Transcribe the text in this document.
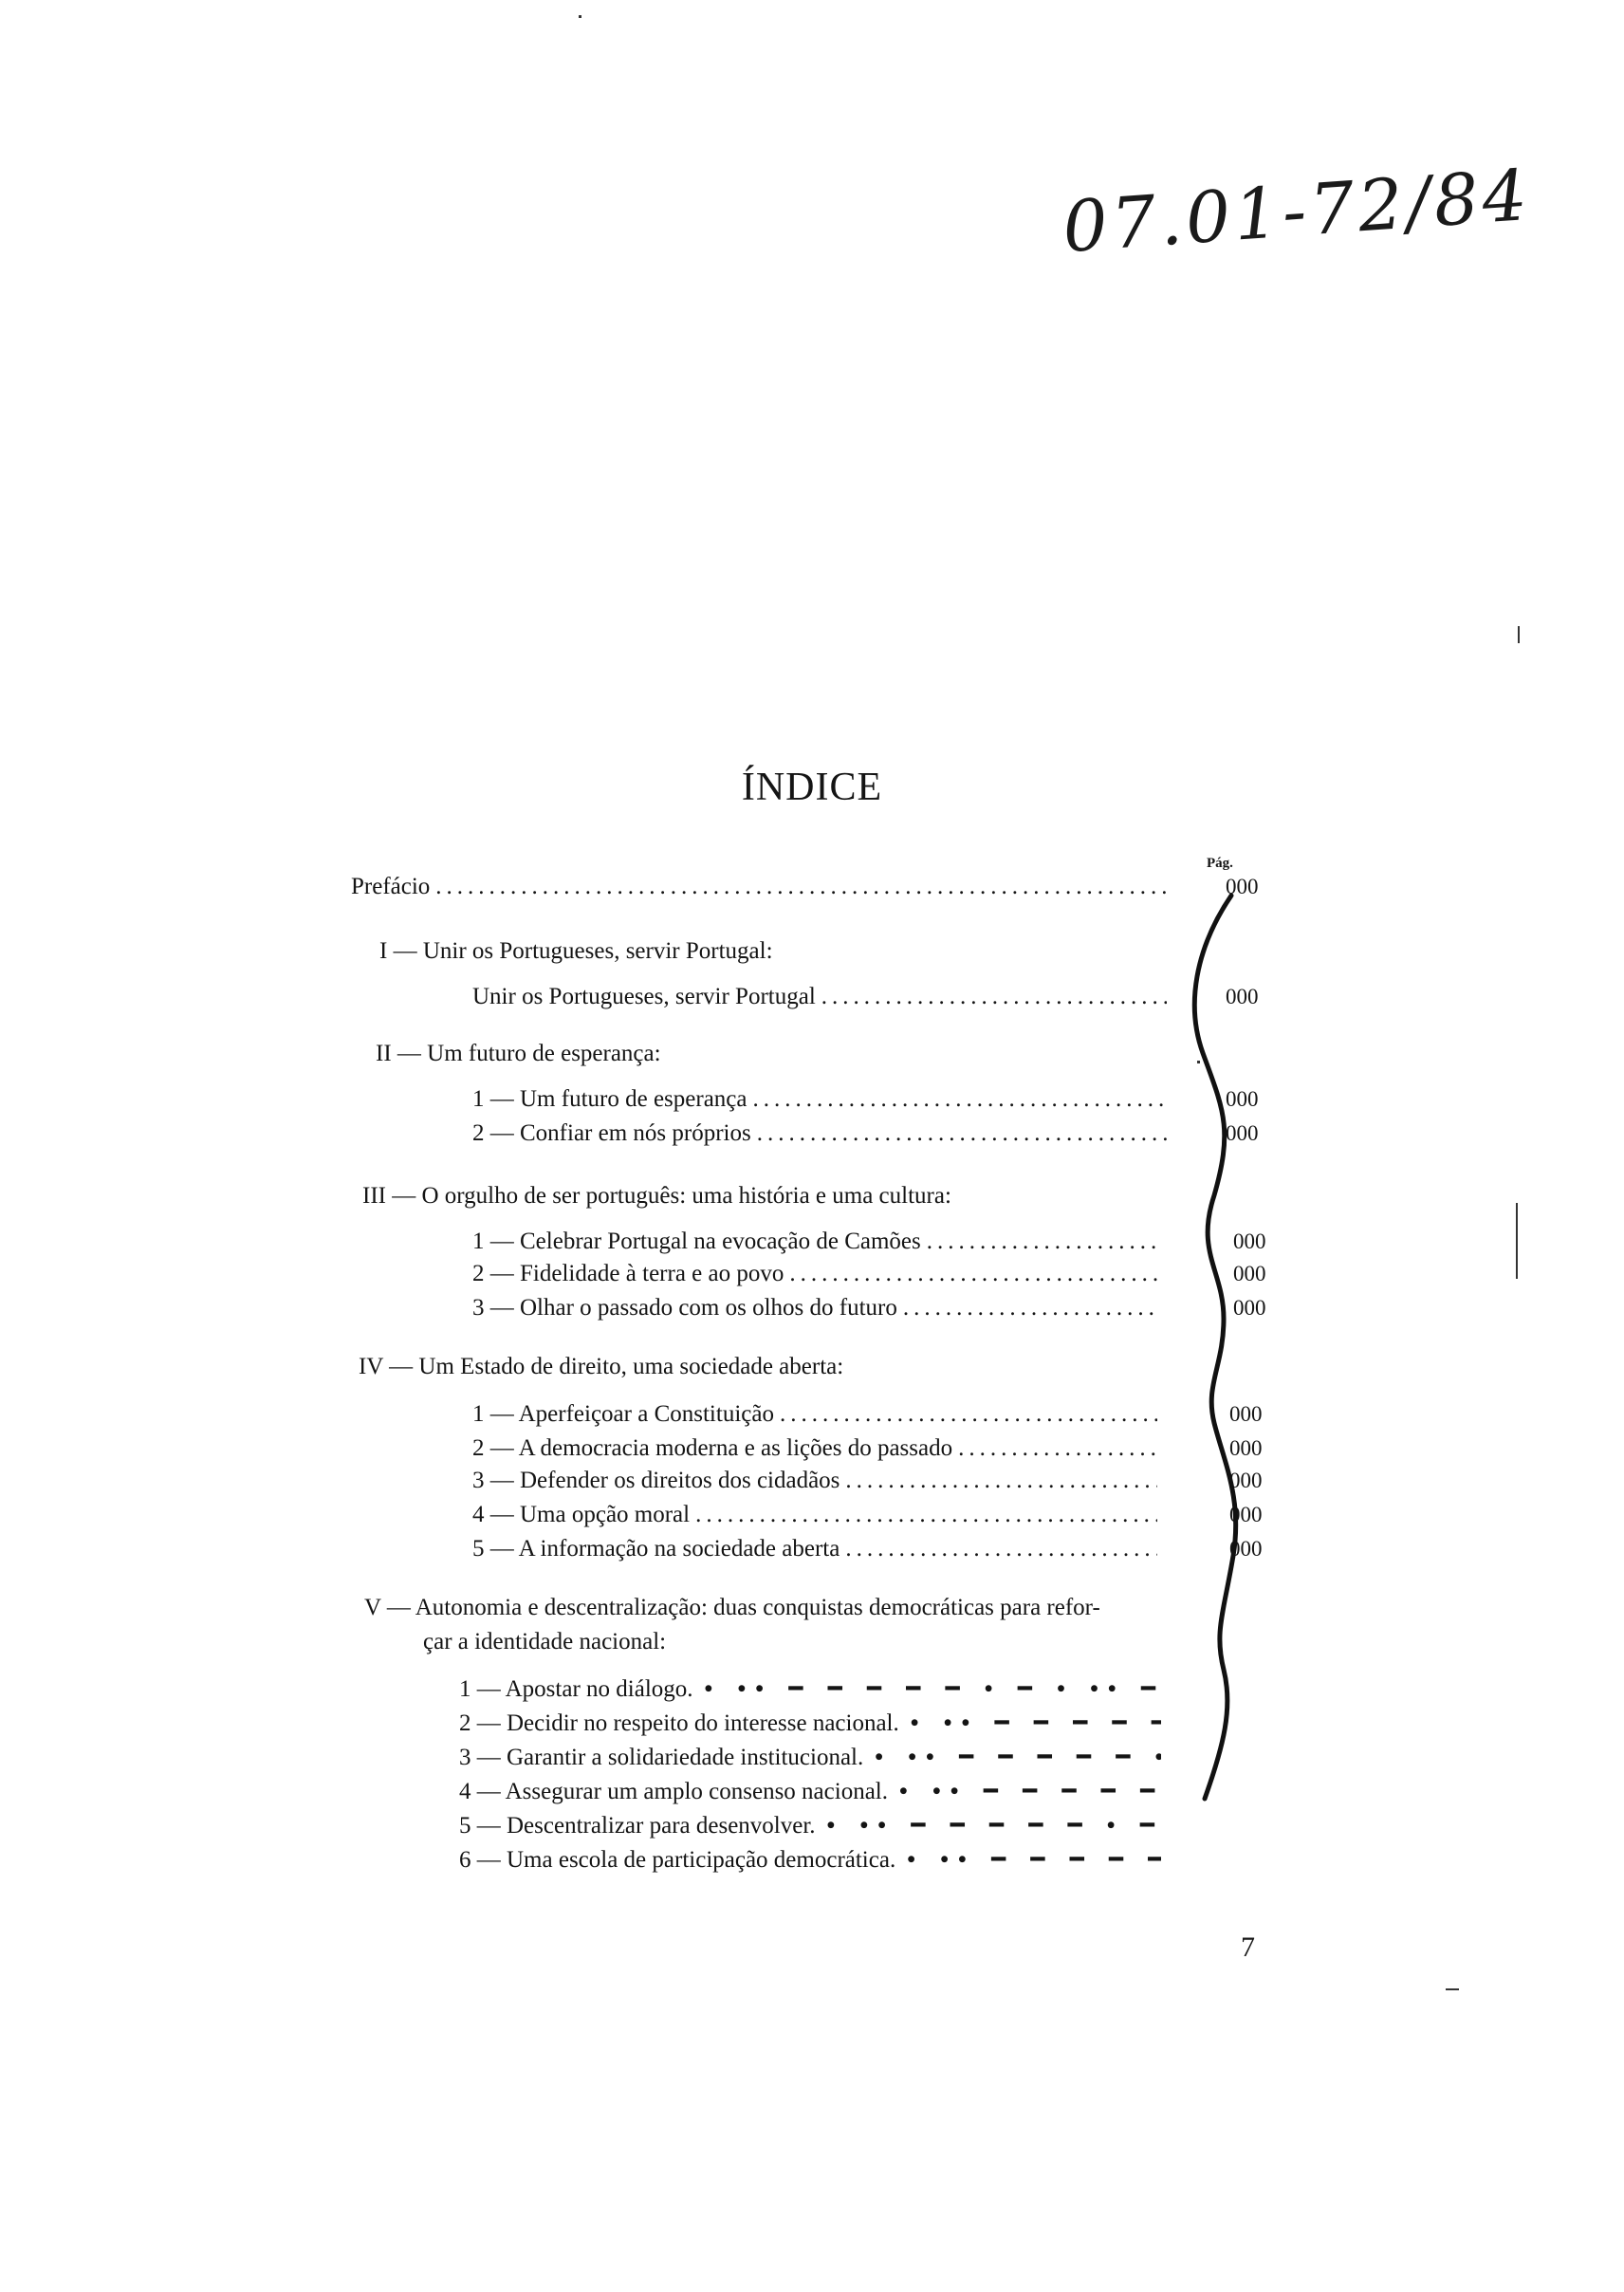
07.01-72/84
ÍNDICE
Pág.
Prefácio .....	000
I — Unir os Portugueses, servir Portugal:
Unir os Portugueses, servir Portugal .....	000
II — Um futuro de esperança:
1 — Um futuro de esperança .....	000
2 — Confiar em nós próprios .....	000
III — O orgulho de ser português: uma história e uma cultura:
1 — Celebrar Portugal na evocação de Camões .....	000
2 — Fidelidade à terra e ao povo .....	000
3 — Olhar o passado com os olhos do futuro .....	000
IV — Um Estado de direito, uma sociedade aberta:
1 — Aperfeiçoar a Constituição .....	000
2 — A democracia moderna e as lições do passado .....	000
3 — Defender os direitos dos cidadãos .....	000
4 — Uma opção moral .....	000
5 — A informação na sociedade aberta .....	000
V — Autonomia e descentralização: duas conquistas democráticas para refor-
çar a identidade nacional:
1 — Apostar no diálogo.
• •• ━ ━ ━ ━ ━ • ━ • •• ━ ━ ━ ━ ━ • ━ •• ━━ ━ ━ ━
2 — Decidir no respeito do interesse nacional.
• •• ━ ━ ━ ━ ━ • ━ • •• ━ ━ ━ ━ ━ • ━ •• ━━ ━ ━ ━
3 — Garantir a solidariedade institucional.
• •• ━ ━ ━ ━ ━ • ━ • •• ━ ━ ━ ━ ━ • ━ •• ━━ ━ ━ ━
4 — Assegurar um amplo consenso nacional.
• •• ━ ━ ━ ━ ━ • ━ • •• ━ ━ ━ ━ ━ • ━ •• ━━ ━ ━ ━
5 — Descentralizar para desenvolver.
• •• ━ ━ ━ ━ ━ • ━ • •• ━ ━ ━ ━ ━ • ━ •• ━━ ━ ━ ━
6 — Uma escola de participação democrática.
• •• ━ ━ ━ ━ ━ • ━ • •• ━ ━ ━ ━ ━ • ━ •• ━━ ━ ━ ━
7
